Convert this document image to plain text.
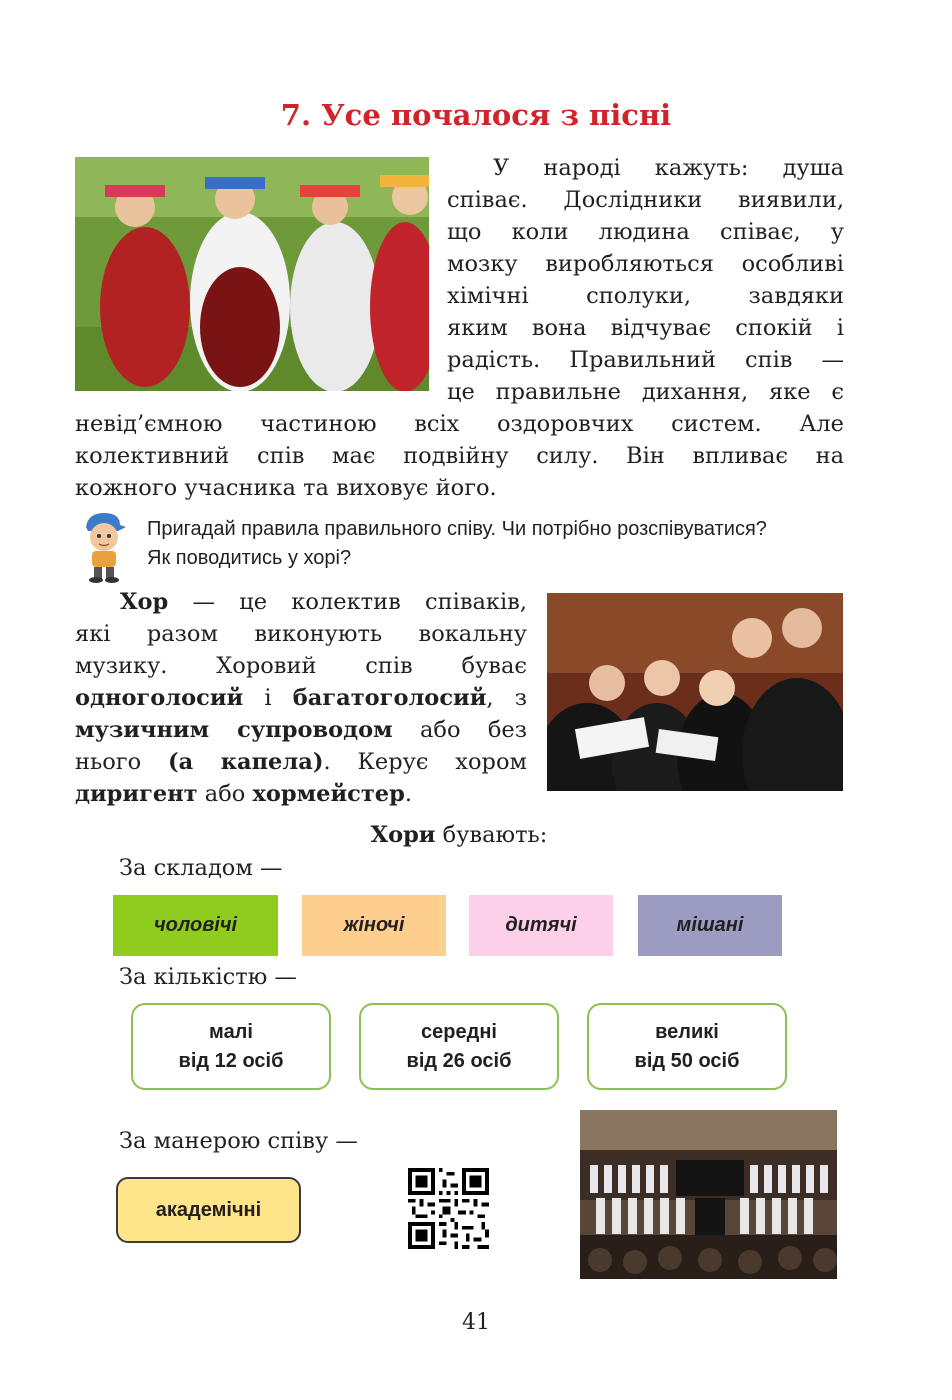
7. Усе почалося з пісні
У народі кажуть: душа
співає. Дослідники виявили,
що коли людина співає, у
мозку виробляються особливі
хімічні сполуки, завдяки
яким вона відчуває спокій і
радість. Правильний спів —
це правильне дихання, яке є
невід’ємною частиною всіх оздоровчих систем. Але
колективний спів має подвійну силу. Він впливає на
кожного учасника та виховує його.
Пригадай правила правильного співу. Чи потрібно розспівуватися?
Як поводитись у хорі?
Хор — це колектив співаків,
які разом виконують вокальну
музику. Хоровий спів буває
одноголосий і багатоголосий, з
музичним супроводом або без
нього (а капела). Керує хором
диригент або хормейстер.
Хори бувають:
За складом —
чоловічі	жіночі	дитячі	мішані
За кількістю —
малі
від 12 осіб
середні
від 26 осіб
великі
від 50 осіб
За манерою співу —
академічні
41
